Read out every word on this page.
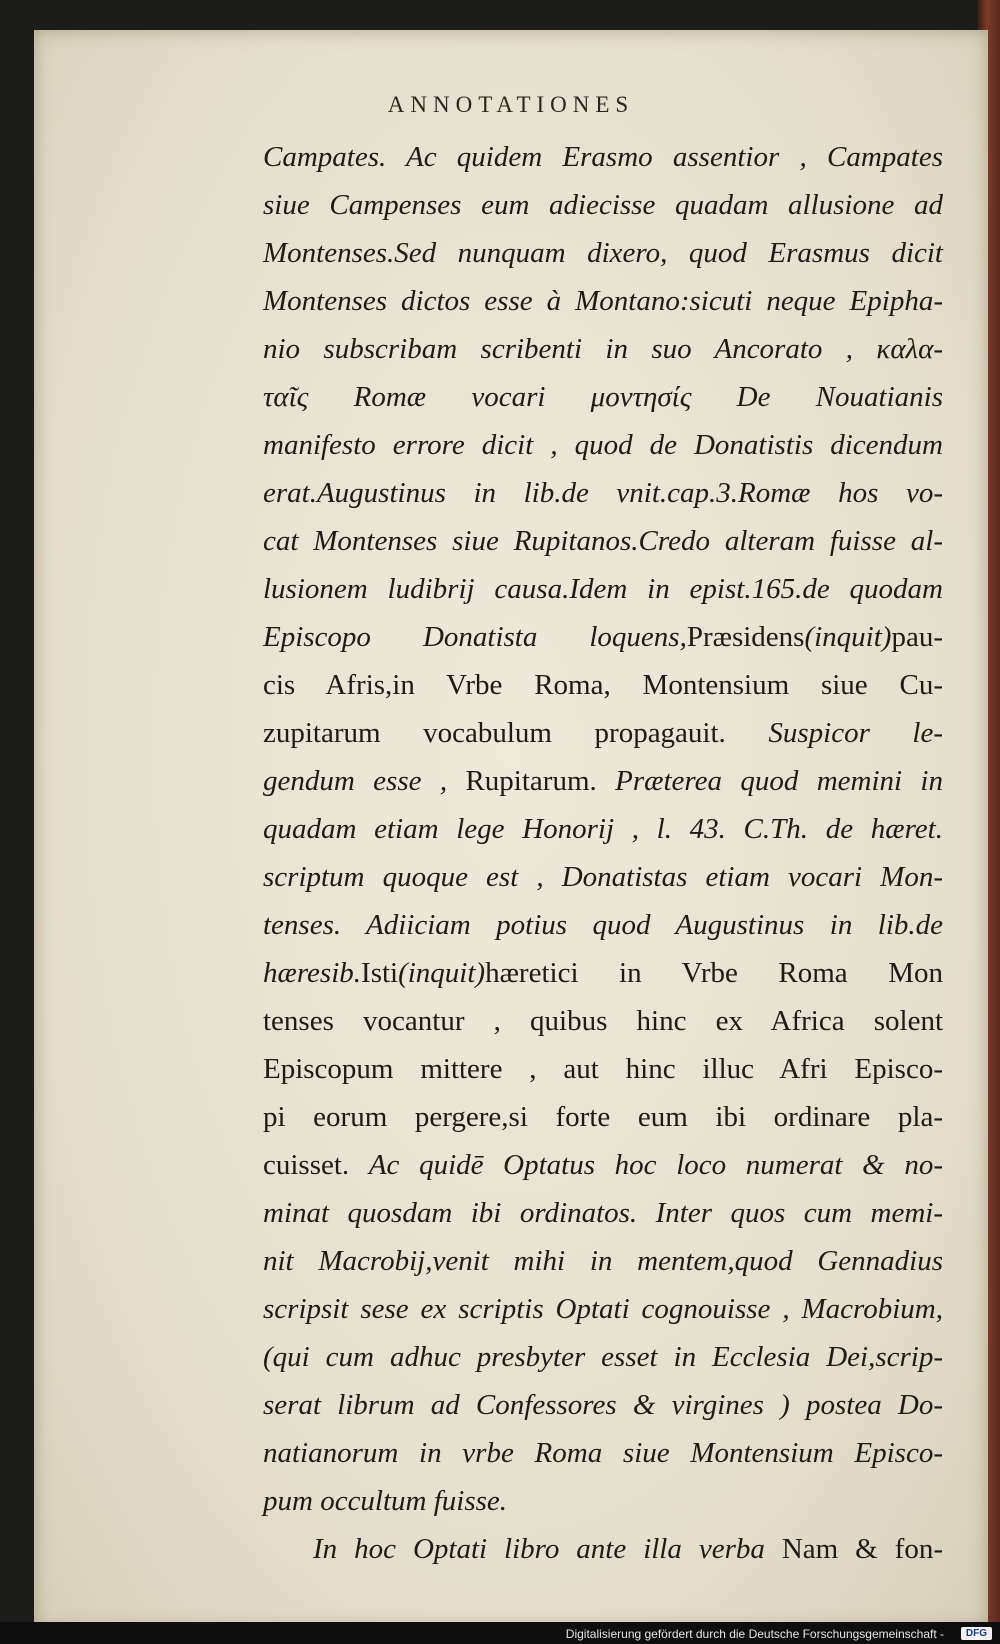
ANNOTATIONES
Campates. Ac quidem Erasmo assentior , Campates
siue Campenses eum adiecisse quadam allusione ad
Montenses.Sed nunquam dixero, quod Erasmus dicit
Montenses dictos esse à Montano:sicuti neque Epipha-
nio subscribam scribenti in suo Ancorato , καλα-
ταῖς Romæ vocari μοντησίς De Nouatianis
manifesto errore dicit , quod de Donatistis dicendum
erat.Augustinus in lib.de vnit.cap.3.Romæ hos vo-
cat Montenses siue Rupitanos.Credo alteram fuisse al-
lusionem ludibrij causa.Idem in epist.165.de quodam
Episcopo Donatista loquens,Præsidens(inquit)pau-
cis Afris,in Vrbe Roma, Montensium siue Cu-
zupitarum vocabulum propagauit. Suspicor le-
gendum esse , Rupitarum. Præterea quod memini in
quadam etiam lege Honorij , l. 43. C.Th. de hæret.
scriptum quoque est , Donatistas etiam vocari Mon-
tenses. Adiiciam potius quod Augustinus in lib.de
hæresib.Isti(inquit)hæretici in Vrbe Roma Mon
tenses vocantur , quibus hinc ex Africa solent
Episcopum mittere , aut hinc illuc Afri Episco-
pi eorum pergere,si forte eum ibi ordinare pla-
cuisset. Ac quidē Optatus hoc loco numerat & no-
minat quosdam ibi ordinatos. Inter quos cum memi-
nit Macrobij,venit mihi in mentem,quod Gennadius
scripsit sese ex scriptis Optati cognouisse , Macrobium,
(qui cum adhuc presbyter esset in Ecclesia Dei,scrip-
serat librum ad Confessores & virgines ) postea Do-
natianorum in vrbe Roma siue Montensium Episco-
pum occultum fuisse.
In hoc Optati libro ante illa verba Nam & fon-
Digitalisierung gefördert durch die Deutsche Forschungsgemeinschaft -	DFG
